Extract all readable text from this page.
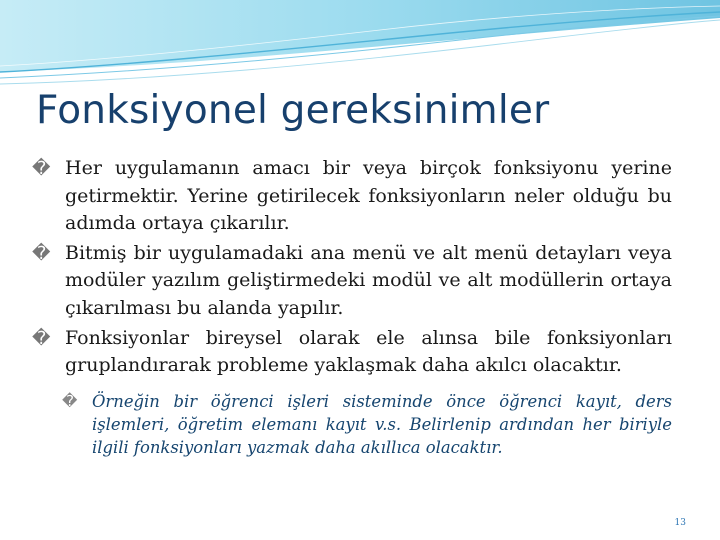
Fonksiyonel gereksinimler
� Her uygulamanın amacı bir veya birçok fonksiyonu yerine getirmektir. Yerine getirilecek fonksiyonların neler olduğu bu adımda ortaya çıkarılır.
� Bitmiş bir uygulamadaki ana menü ve alt menü detayları veya modüler yazılım geliştirmedeki modül ve alt modüllerin ortaya çıkarılması bu alanda yapılır.
� Fonksiyonlar bireysel olarak ele alınsa bile fonksiyonları gruplandırarak probleme yaklaşmak daha akılcı olacaktır.
� Örneğin bir öğrenci işleri sisteminde önce öğrenci kayıt, ders işlemleri, öğretim elemanı kayıt v.s. Belirlenip ardından her biriyle ilgili fonksiyonları yazmak daha akıllıca olacaktır.
13
